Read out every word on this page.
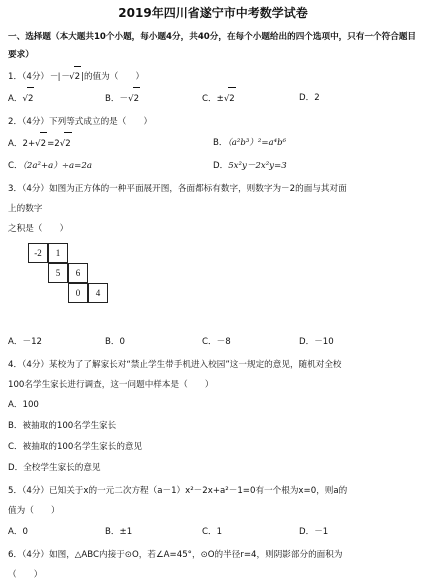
2019年四川省遂宁市中考数学试卷
一、选择题（本大题共10个小题，每小题4分，共40分，在每个小题给出的四个选项中，只有一个符合题目要求）
1．（4分）－|－√2|的值为（　　）
A．√2	B．－√2	C．±√2	D．2
2．（4分）下列等式成立的是（　　）
A．2+√2=2√2	B．（a²b³）²=a⁴b⁶
C．（2a²+a）÷a=2a	D．5x²y－2x²y=3
3．（4分）如图为正方体的一种平面展开图，各面都标有数字，则数字为－2的面与其对面
上的数字
之积是（　　）
-2	1
5	6
0	4
A．－12	B．0	C．－8	D．－10
4．（4分）某校为了了解家长对“禁止学生带手机进入校园”这一规定的意见，随机对全校
100名学生家长进行调查，这一问题中样本是（　　）
A．100
B．被抽取的100名学生家长
C．被抽取的100名学生家长的意见
D．全校学生家长的意见
5．（4分）已知关于x的一元二次方程（a－1）x²－2x+a²－1=0有一个根为x=0，则a的
值为（　　）
A．0	B．±1	C．1	D．－1
6．（4分）如图，△ABC内接于⊙O，若∠A=45°，⊙O的半径r=4，则阴影部分的面积为
（　　）
